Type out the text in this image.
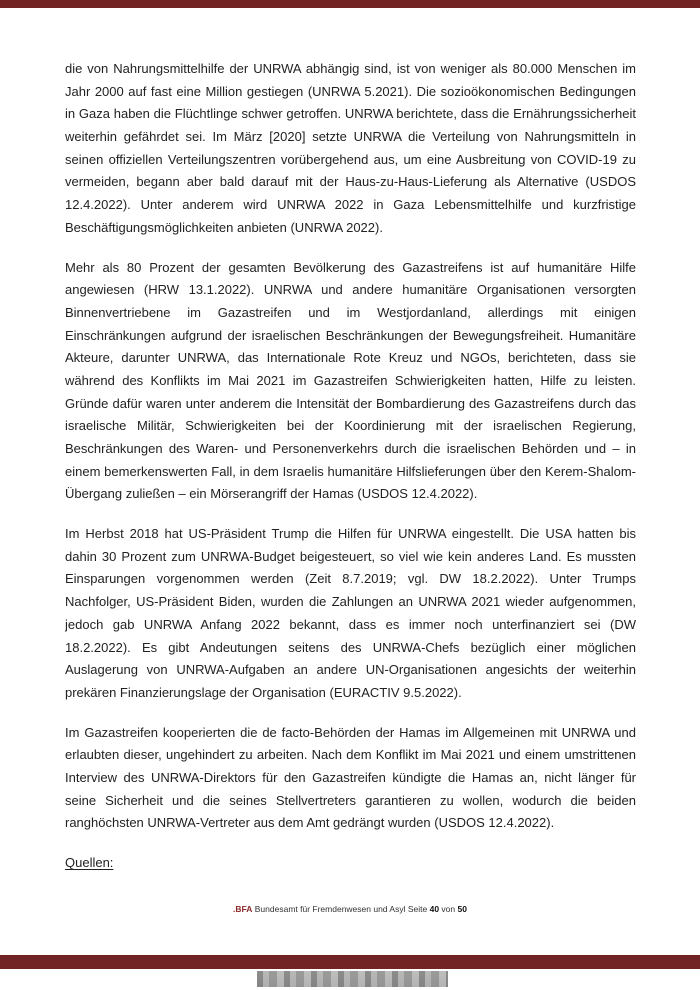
die von Nahrungsmittelhilfe der UNRWA abhängig sind, ist von weniger als 80.000 Menschen im
Jahr 2000 auf fast eine Million gestiegen (UNRWA 5.2021). Die sozioökonomischen Bedingungen
in Gaza haben die Flüchtlinge schwer getroffen. UNRWA berichtete, dass die Ernährungssicherheit
weiterhin gefährdet sei. Im März [2020] setzte UNRWA die Verteilung von Nahrungsmitteln in
seinen offiziellen Verteilungszentren vorübergehend aus, um eine Ausbreitung von COVID-19 zu
vermeiden, begann aber bald darauf mit der Haus-zu-Haus-Lieferung als Alternative (USDOS
12.4.2022). Unter anderem wird UNRWA 2022 in Gaza Lebensmittelhilfe und kurzfristige
Beschäftigungsmöglichkeiten anbieten (UNRWA 2022).
Mehr als 80 Prozent der gesamten Bevölkerung des Gazastreifens ist auf humanitäre Hilfe
angewiesen (HRW 13.1.2022). UNRWA und andere humanitäre Organisationen versorgten
Binnenvertriebene im Gazastreifen und im Westjordanland, allerdings mit einigen
Einschränkungen aufgrund der israelischen Beschränkungen der Bewegungsfreiheit. Humanitäre
Akteure, darunter UNRWA, das Internationale Rote Kreuz und NGOs, berichteten, dass sie
während des Konflikts im Mai 2021 im Gazastreifen Schwierigkeiten hatten, Hilfe zu leisten.
Gründe dafür waren unter anderem die Intensität der Bombardierung des Gazastreifens durch das
israelische Militär, Schwierigkeiten bei der Koordinierung mit der israelischen Regierung,
Beschränkungen des Waren- und Personenverkehrs durch die israelischen Behörden und – in
einem bemerkenswerten Fall, in dem Israelis humanitäre Hilfslieferungen über den Kerem-Shalom-
Übergang zuließen – ein Mörserangriff der Hamas (USDOS 12.4.2022).
Im Herbst 2018 hat US-Präsident Trump die Hilfen für UNRWA eingestellt. Die USA hatten bis
dahin 30 Prozent zum UNRWA-Budget beigesteuert, so viel wie kein anderes Land. Es mussten
Einsparungen vorgenommen werden (Zeit 8.7.2019; vgl. DW 18.2.2022). Unter Trumps
Nachfolger, US-Präsident Biden, wurden die Zahlungen an UNRWA 2021 wieder aufgenommen,
jedoch gab UNRWA Anfang 2022 bekannt, dass es immer noch unterfinanziert sei (DW
18.2.2022). Es gibt Andeutungen seitens des UNRWA-Chefs bezüglich einer möglichen
Auslagerung von UNRWA-Aufgaben an andere UN-Organisationen angesichts der weiterhin
prekären Finanzierungslage der Organisation (EURACTIV 9.5.2022).
Im Gazastreifen kooperierten die de facto-Behörden der Hamas im Allgemeinen mit UNRWA und
erlaubten dieser, ungehindert zu arbeiten. Nach dem Konflikt im Mai 2021 und einem umstrittenen
Interview des UNRWA-Direktors für den Gazastreifen kündigte die Hamas an, nicht länger für
seine Sicherheit und die seines Stellvertreters garantieren zu wollen, wodurch die beiden
ranghöchsten UNRWA-Vertreter aus dem Amt gedrängt wurden (USDOS 12.4.2022).
Quellen:
.BFA Bundesamt für Fremdenwesen und Asyl Seite 40 von 50
